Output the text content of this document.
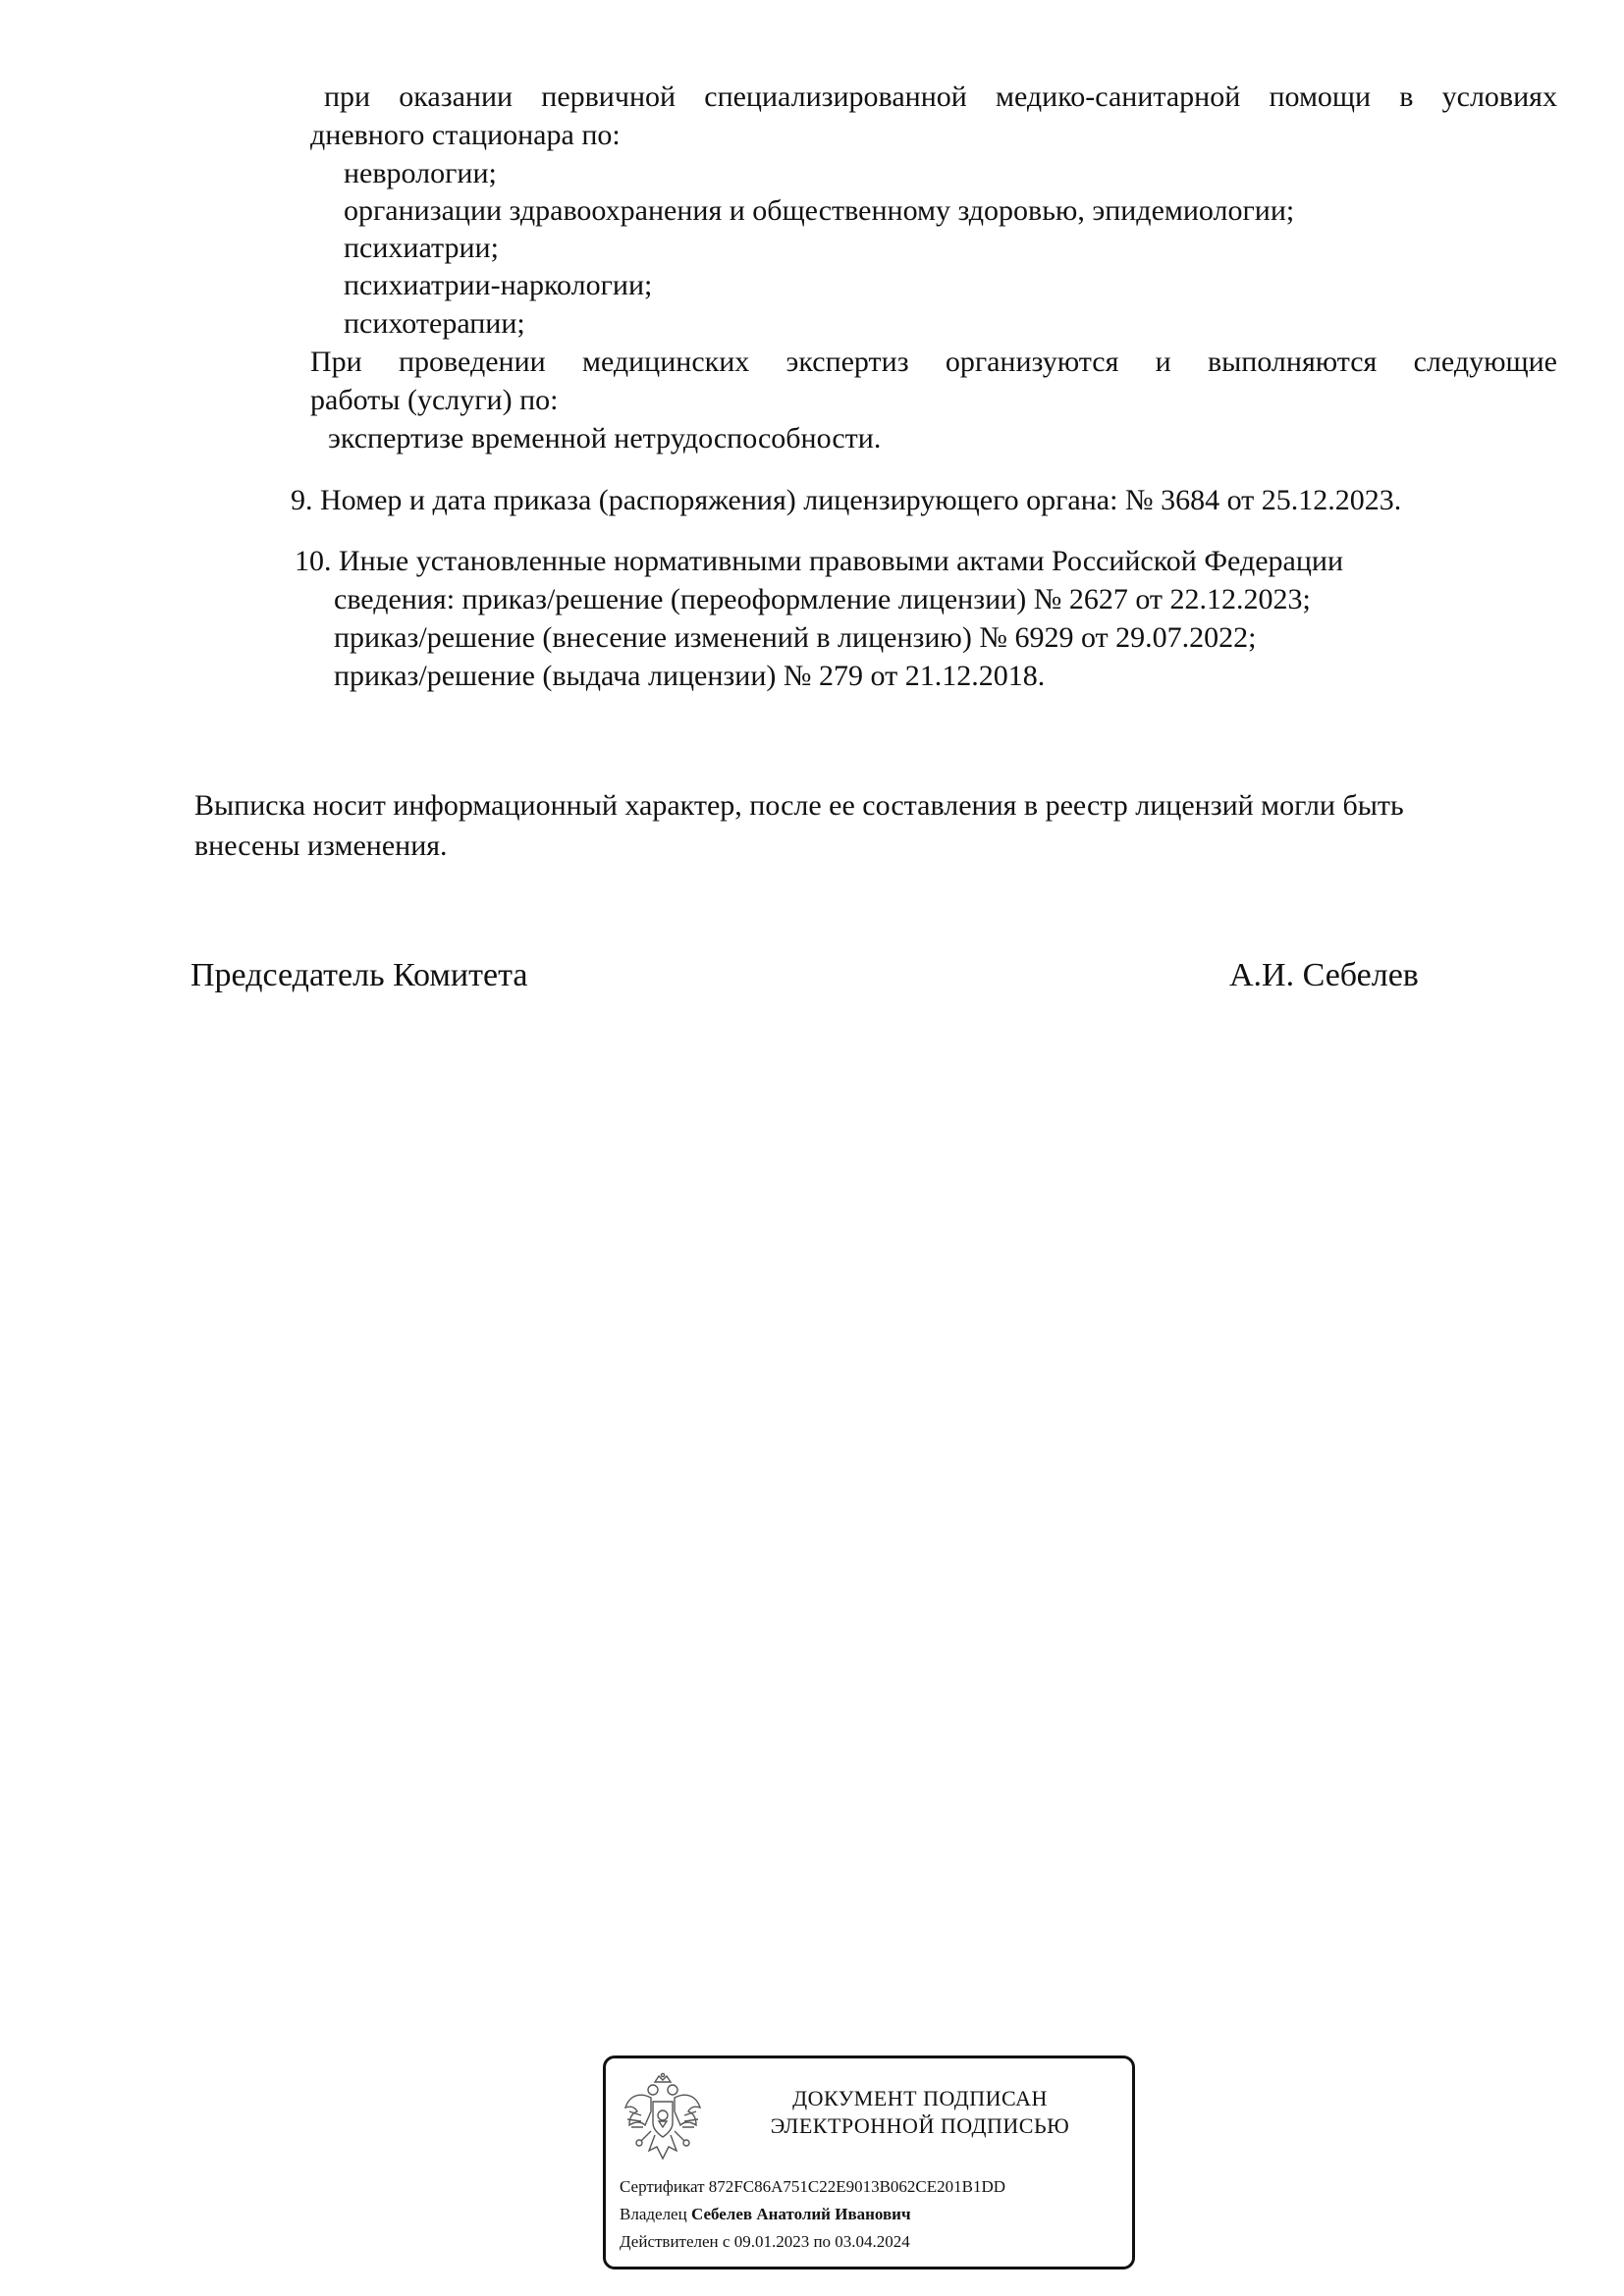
при оказании первичной специализированной медико-санитарной помощи в условиях
дневного стационара по:
неврологии;
организации здравоохранения и общественному здоровью, эпидемиологии;
психиатрии;
психиатрии-наркологии;
психотерапии;
При проведении медицинских экспертиз организуются и выполняются следующие
работы (услуги) по:
экспертизе временной нетрудоспособности.
9. Номер и дата приказа (распоряжения) лицензирующего органа: № 3684 от 25.12.2023.
10. Иные установленные нормативными правовыми актами Российской Федерации
сведения: приказ/решение (переоформление лицензии) № 2627 от 22.12.2023;
приказ/решение (внесение изменений в лицензию) № 6929 от 29.07.2022;
приказ/решение (выдача лицензии) № 279 от 21.12.2018.
Выписка носит информационный характер, после ее составления в реестр лицензий могли быть
внесены изменения.
Председатель Комитета	А.И. Себелев
ДОКУМЕНТ ПОДПИСАН
ЭЛЕКТРОННОЙ ПОДПИСЬЮ
Сертификат 872FC86A751C22E9013B062CE201B1DD
Владелец Себелев Анатолий Иванович
Действителен с 09.01.2023 по 03.04.2024
